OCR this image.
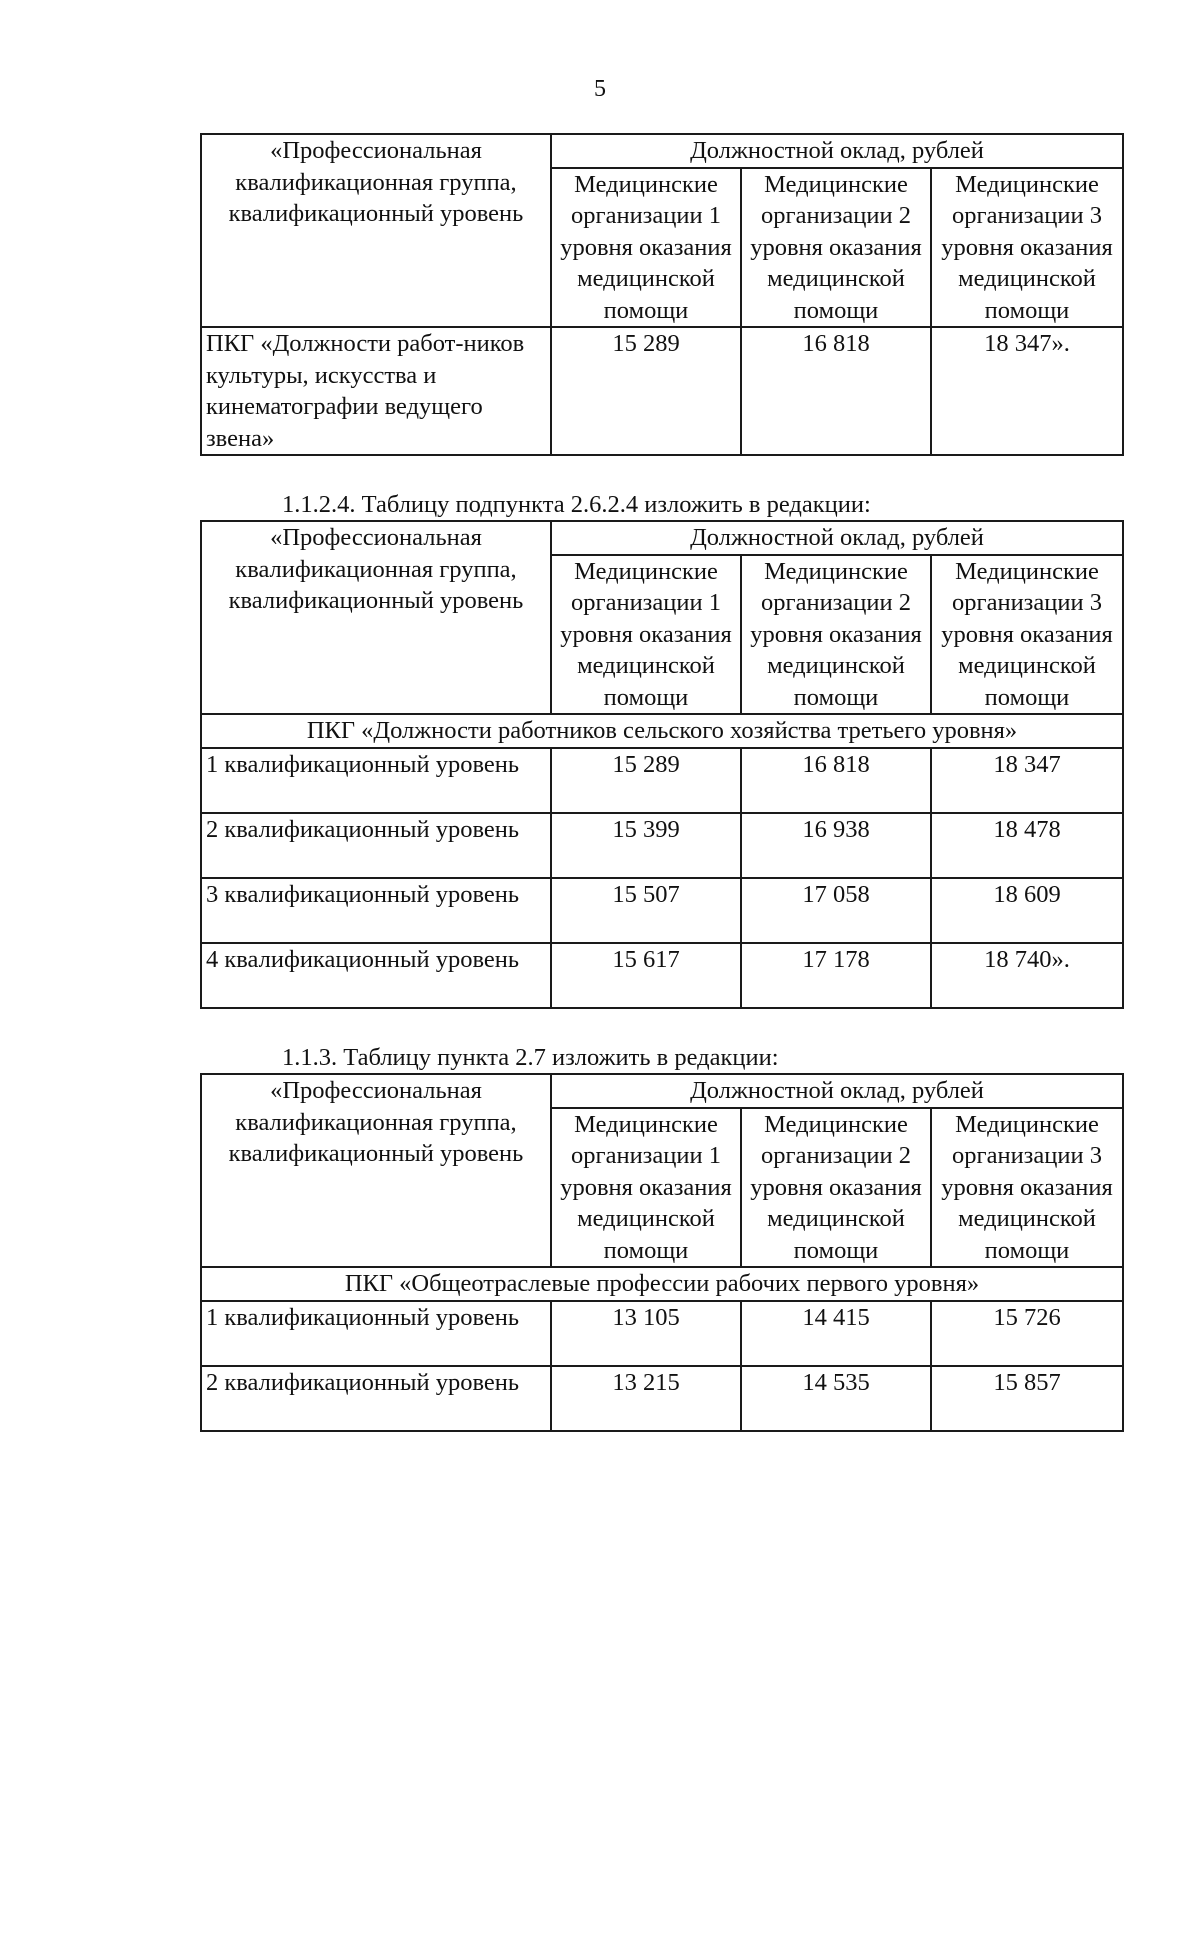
5
«Профессиональная квалификационная группа, квалификационный уровень	Должностной оклад, рублей		
	Медицинские организации 1 уровня оказания медицинской помощи	Медицинские организации 2 уровня оказания медицинской помощи	Медицинские организации 3 уровня оказания медицинской помощи
ПКГ «Должности работ-ников культуры, искусства и кинематографии ведущего звена»	15 289	16 818	18 347».
1.1.2.4. Таблицу подпункта 2.6.2.4 изложить в редакции:
«Профессиональная квалификационная группа, квалификационный уровень	Должностной оклад, рублей		
	Медицинские организации 1 уровня оказания медицинской помощи	Медицинские организации 2 уровня оказания медицинской помощи	Медицинские организации 3 уровня оказания медицинской помощи
ПКГ «Должности работников сельского хозяйства третьего уровня»			
1 квалификационный уровень	15 289	16 818	18 347
2 квалификационный уровень	15 399	16 938	18 478
3 квалификационный уровень	15 507	17 058	18 609
4 квалификационный уровень	15 617	17 178	18 740».
1.1.3. Таблицу пункта 2.7 изложить в редакции:
«Профессиональная квалификационная группа, квалификационный уровень	Должностной оклад, рублей		
	Медицинские организации 1 уровня оказания медицинской помощи	Медицинские организации 2 уровня оказания медицинской помощи	Медицинские организации 3 уровня оказания медицинской помощи
ПКГ «Общеотраслевые профессии рабочих первого уровня»			
1 квалификационный уровень	13 105	14 415	15 726
2 квалификационный уровень	13 215	14 535	15 857
